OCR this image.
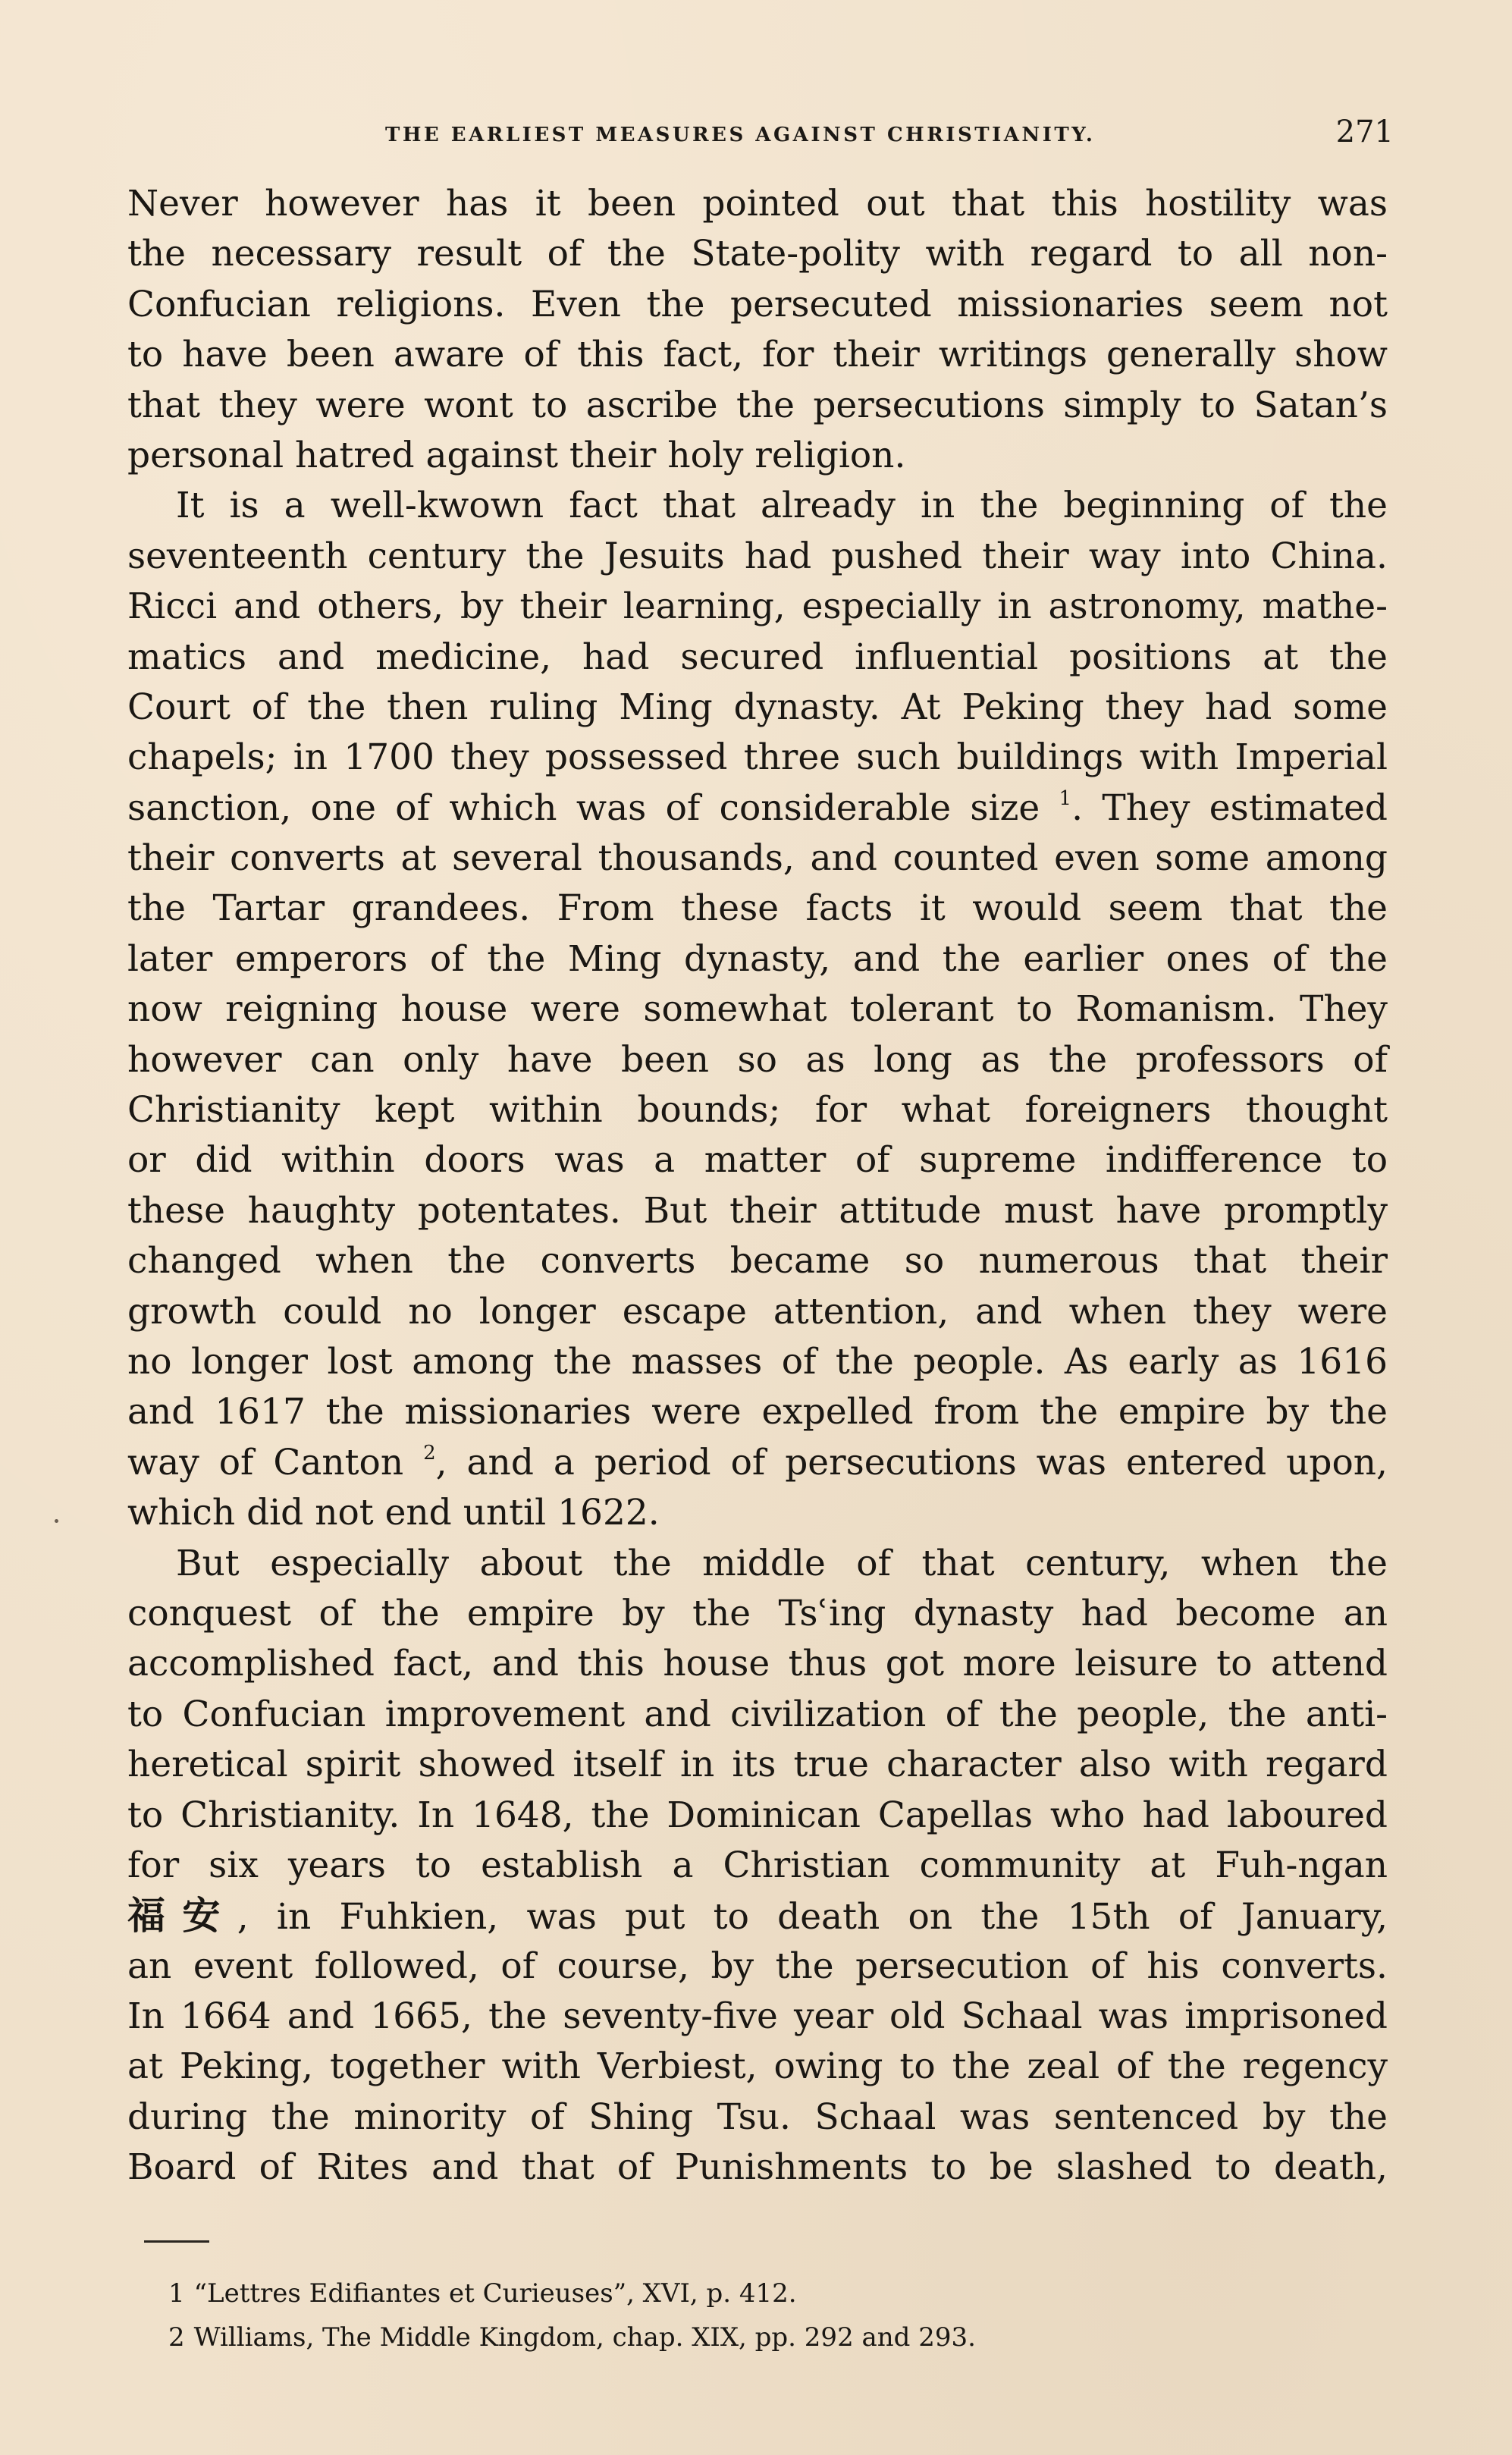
THE EARLIEST MEASURES AGAINST CHRISTIANITY.	271
Never however has it been pointed out that this hostility was
the necessary result of the State-polity with regard to all non-
Confucian religions. Even the persecuted missionaries seem not
to have been aware of this fact, for their writings generally show
that they were wont to ascribe the persecutions simply to Satan’s
personal hatred against their holy religion.
It is a well-kwown fact that already in the beginning of the
seventeenth century the Jesuits had pushed their way into China.
Ricci and others, by their learning, especially in astronomy, mathe-
matics and medicine, had secured influential positions at the
Court of the then ruling Ming dynasty. At Peking they had some
chapels; in 1700 they possessed three such buildings with Imperial
sanction, one of which was of considerable size $^1$. They estimated
their converts at several thousands, and counted even some among
the Tartar grandees. From these facts it would seem that the
later emperors of the Ming dynasty, and the earlier ones of the
now reigning house were somewhat tolerant to Romanism. They
however can only have been so as long as the professors of
Christianity kept within bounds; for what foreigners thought
or did within doors was a matter of supreme indifference to
these haughty potentates. But their attitude must have promptly
changed when the converts became so numerous that their
growth could no longer escape attention, and when they were
no longer lost among the masses of the people. As early as 1616
and 1617 the missionaries were expelled from the empire by the
way of Canton $^2$, and a period of persecutions was entered upon,
which did not end until 1622.
But especially about the middle of that century, when the
conquest of the empire by the Tsʿing dynasty had become an
accomplished fact, and this house thus got more leisure to attend
to Confucian improvement and civilization of the people, the anti-
heretical spirit showed itself in its true character also with regard
to Christianity. In 1648, the Dominican Capellas who had laboured
for six years to establish a Christian community at Fuh-ngan
福安, in Fuhkien, was put to death on the 15th of January,
an event followed, of course, by the persecution of his converts.
In 1664 and 1665, the seventy-five year old Schaal was imprisoned
at Peking, together with Verbiest, owing to the zeal of the regency
during the minority of Shing Tsu. Schaal was sentenced by the
Board of Rites and that of Punishments to be slashed to death,
1 “Lettres Edifiantes et Curieuses”, XVI, p. 412.
2 Williams, The Middle Kingdom, chap. XIX, pp. 292 and 293.
